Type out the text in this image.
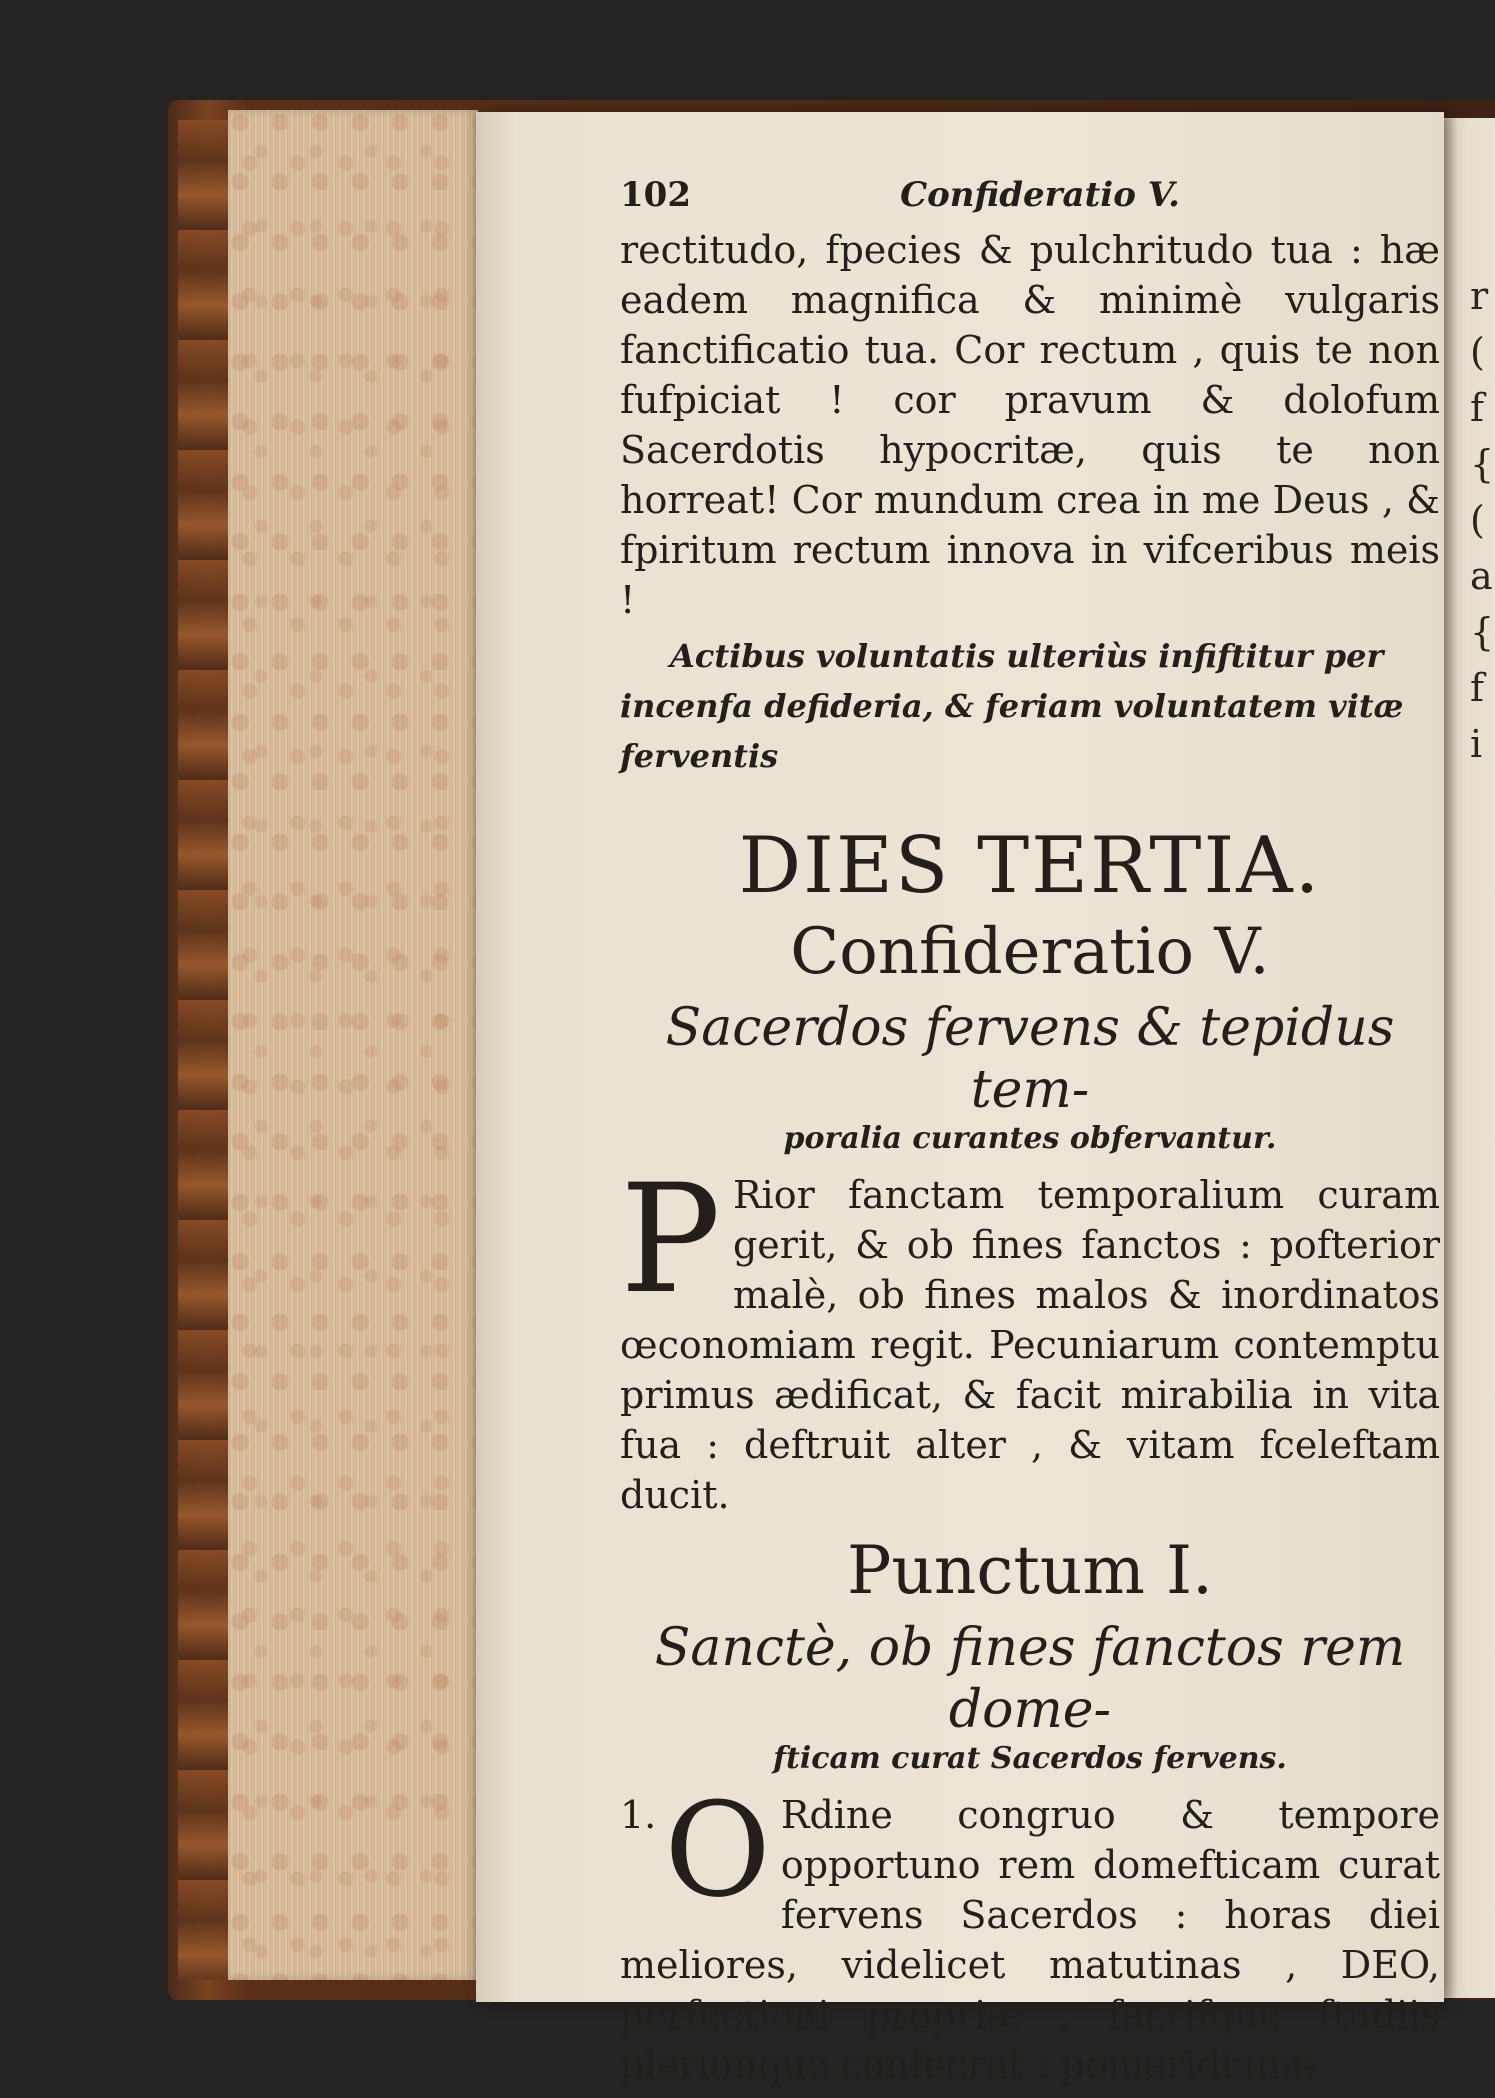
r ( f { ( a { f i
102	Confideratio V.
rectitudo, fpecies & pulchritudo tua : hæ eadem magnifica & minimè vulgaris fanctificatio tua. Cor rectum , quis te non fufpiciat ! cor pravum & dolofum Sacerdotis hypocritæ, quis te non horreat! Cor mundum crea in me Deus , & fpiritum rectum innova in vifceribus meis !
Actibus voluntatis ulteriùs infiftitur per incenfa defideria, & feriam voluntatem vitæ ferventis
DIES TERTIA.
Confideratio V.
Sacerdos fervens & tepidus tem-
poralia curantes obfervantur.
P Rior fanctam temporalium curam gerit, & ob fines fanctos : pofterior malè, ob fines malos & inordinatos œconomiam regit. Pecuniarum contemptu primus ædificat, & facit mirabilia in vita fua : deftruit alter , & vitam fceleftam ducit.
Punctum I.
Sanctè, ob fines fanctos rem dome-
fticam curat Sacerdos fervens.
1. O Rdine congruo & tempore opportuno rem domefticam curat fervens Sacerdos : horas diei meliores, videlicet matutinas , DEO, perfectioni propriæ , facrifque ftudiis plerumque confecrat : pomeridianæ
